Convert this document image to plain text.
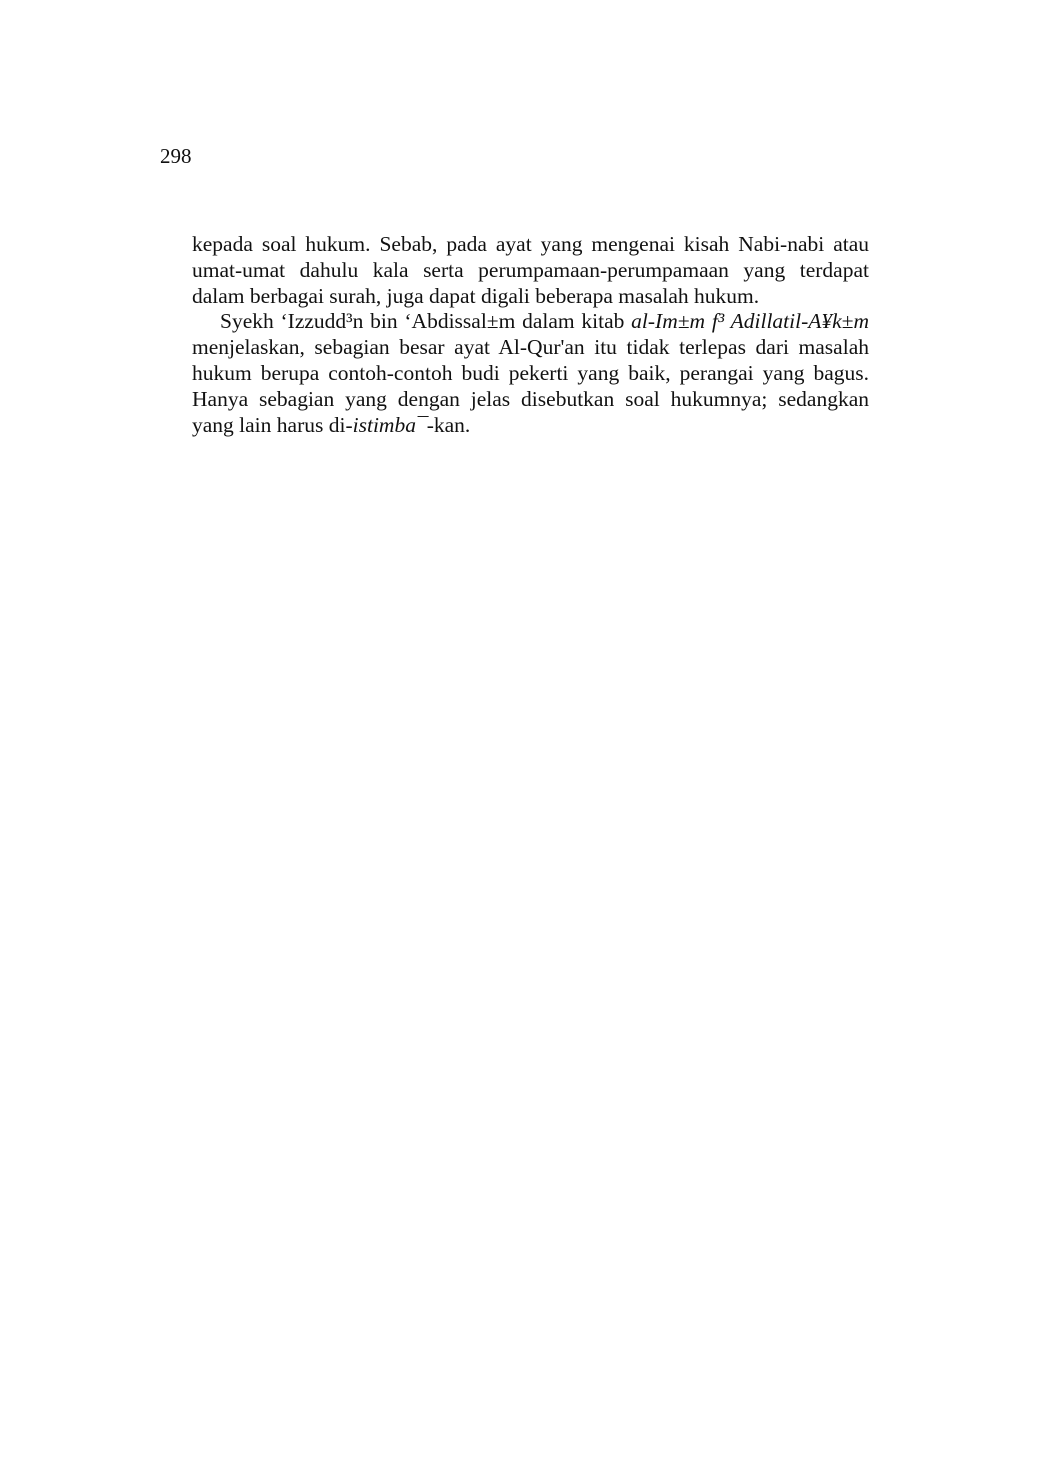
298

kepada soal hukum. Sebab, pada ayat yang mengenai kisah Nabi-nabi atau umat-umat dahulu kala serta perumpamaan-perumpamaan yang terdapat dalam berbagai surah, juga dapat digali beberapa masalah hukum.

Syekh ‘Izzudd³n bin ‘Abdissal±m dalam kitab al-Im±m f³ Adillatil-A¥k±m menjelaskan, sebagian besar ayat Al-Qur'an itu tidak terlepas dari masalah hukum berupa contoh-contoh budi pekerti yang baik, perangai yang bagus. Hanya sebagian yang dengan jelas disebutkan soal hukumnya; sedangkan yang lain harus di-istimba¯-kan.
